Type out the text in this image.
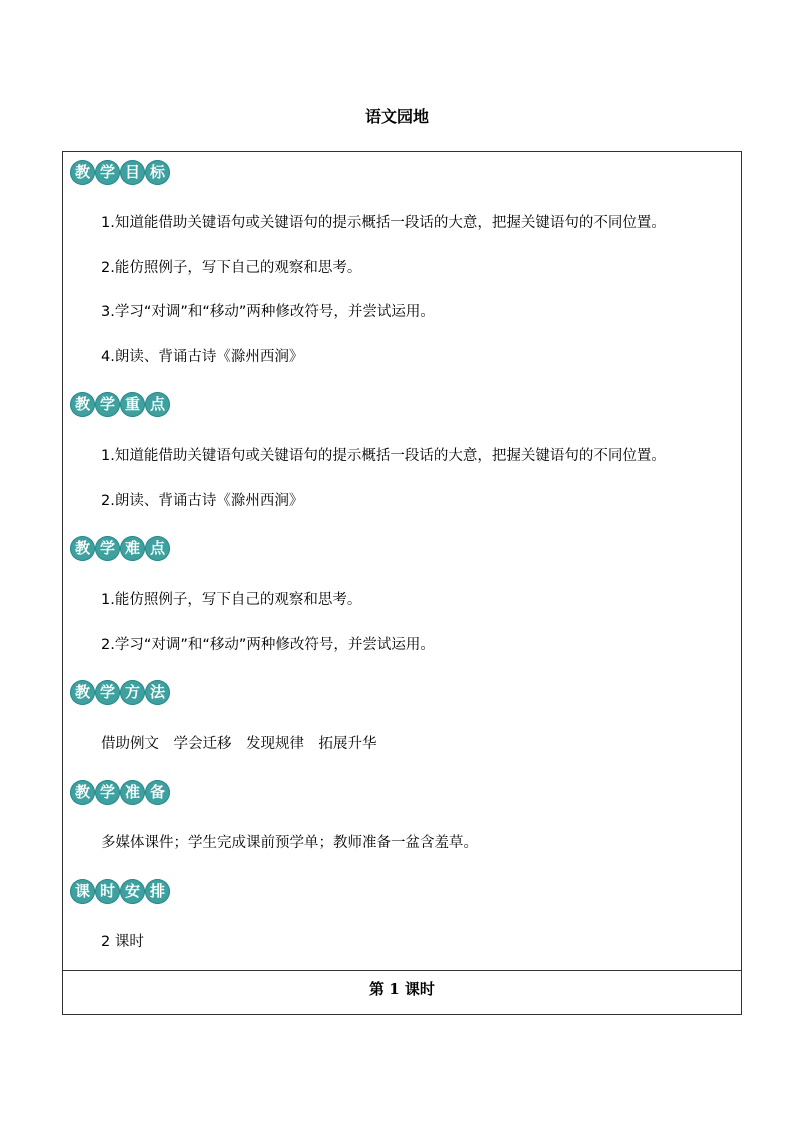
语文园地
教 学 目 标
1.知道能借助关键语句或关键语句的提示概括一段话的大意，把握关键语句的不同位置。
2.能仿照例子，写下自己的观察和思考。
3.学习“对调”和“移动”两种修改符号，并尝试运用。
4.朗读、背诵古诗《滁州西涧》
教 学 重 点
1.知道能借助关键语句或关键语句的提示概括一段话的大意，把握关键语句的不同位置。
2.朗读、背诵古诗《滁州西涧》
教 学 难 点
1.能仿照例子，写下自己的观察和思考。
2.学习“对调”和“移动”两种修改符号，并尝试运用。
教 学 方 法
借助例文　学会迁移　发现规律　拓展升华
教 学 准 备
多媒体课件；学生完成课前预学单；教师准备一盆含羞草。
课 时 安 排
2 课时
第 1 课时
